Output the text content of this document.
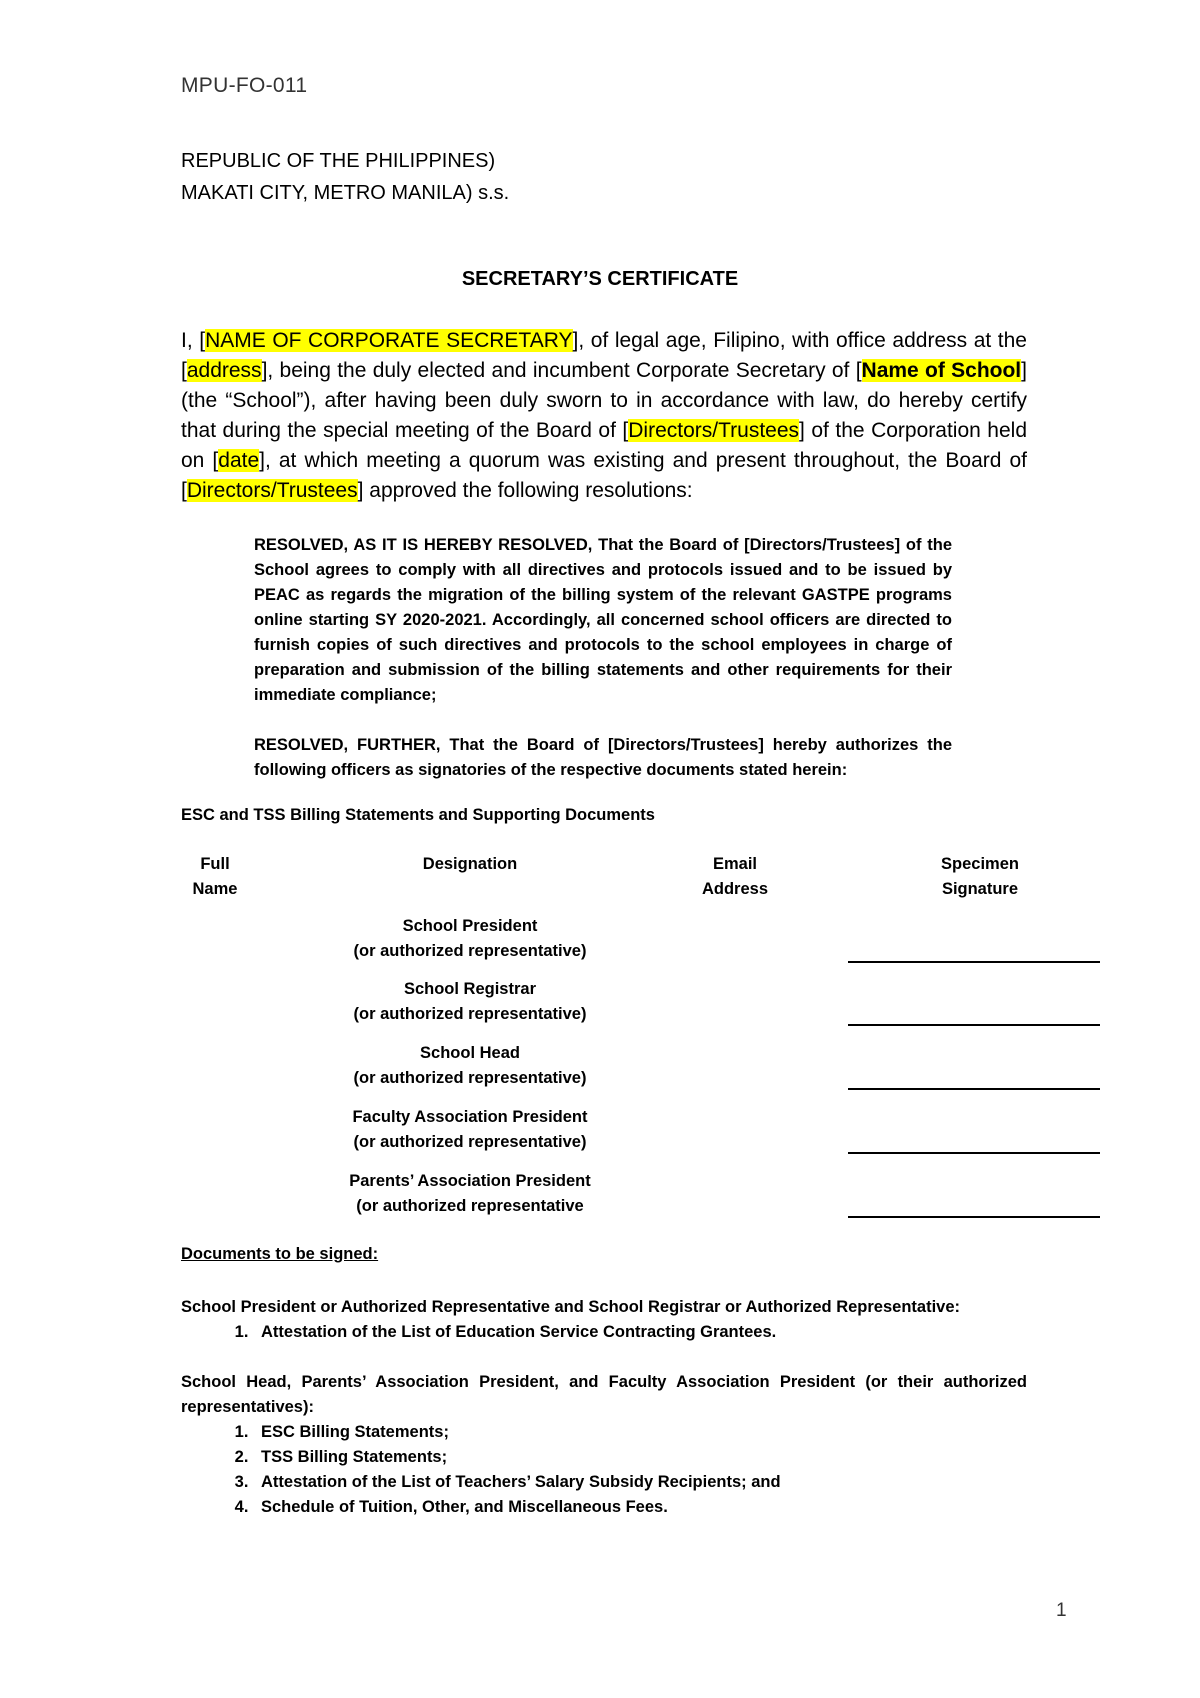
MPU-FO-011
REPUBLIC OF THE PHILIPPINES)
MAKATI CITY, METRO MANILA) s.s.
SECRETARY’S CERTIFICATE
I, [NAME OF CORPORATE SECRETARY], of legal age, Filipino, with office address at the [address], being the duly elected and incumbent Corporate Secretary of [Name of School] (the “School”), after having been duly sworn to in accordance with law, do hereby certify that during the special meeting of the Board of [Directors/Trustees] of the Corporation held on [date], at which meeting a quorum was existing and present throughout, the Board of [Directors/Trustees] approved the following resolutions:
RESOLVED, AS IT IS HEREBY RESOLVED, That the Board of [Directors/Trustees] of the School agrees to comply with all directives and protocols issued and to be issued by PEAC as regards the migration of the billing system of the relevant GASTPE programs online starting SY 2020-2021. Accordingly, all concerned school officers are directed to furnish copies of such directives and protocols to the school employees in charge of preparation and submission of the billing statements and other requirements for their immediate compliance;
RESOLVED, FURTHER, That the Board of [Directors/Trustees] hereby authorizes the following officers as signatories of the respective documents stated herein:
ESC and TSS Billing Statements and Supporting Documents
Full
Name
Designation	Email
Address
Specimen
Signature
School President
(or authorized representative)
School Registrar
(or authorized representative)
School Head
(or authorized representative)
Faculty Association President
(or authorized representative)
Parents’ Association President
(or authorized representative
Documents to be signed:
School President or Authorized Representative and School Registrar or Authorized Representative:
1. Attestation of the List of Education Service Contracting Grantees.
School Head, Parents’ Association President, and Faculty Association President (or their authorized representatives):
1. ESC Billing Statements;
2. TSS Billing Statements;
3. Attestation of the List of Teachers’ Salary Subsidy Recipients; and
4. Schedule of Tuition, Other, and Miscellaneous Fees.
1
